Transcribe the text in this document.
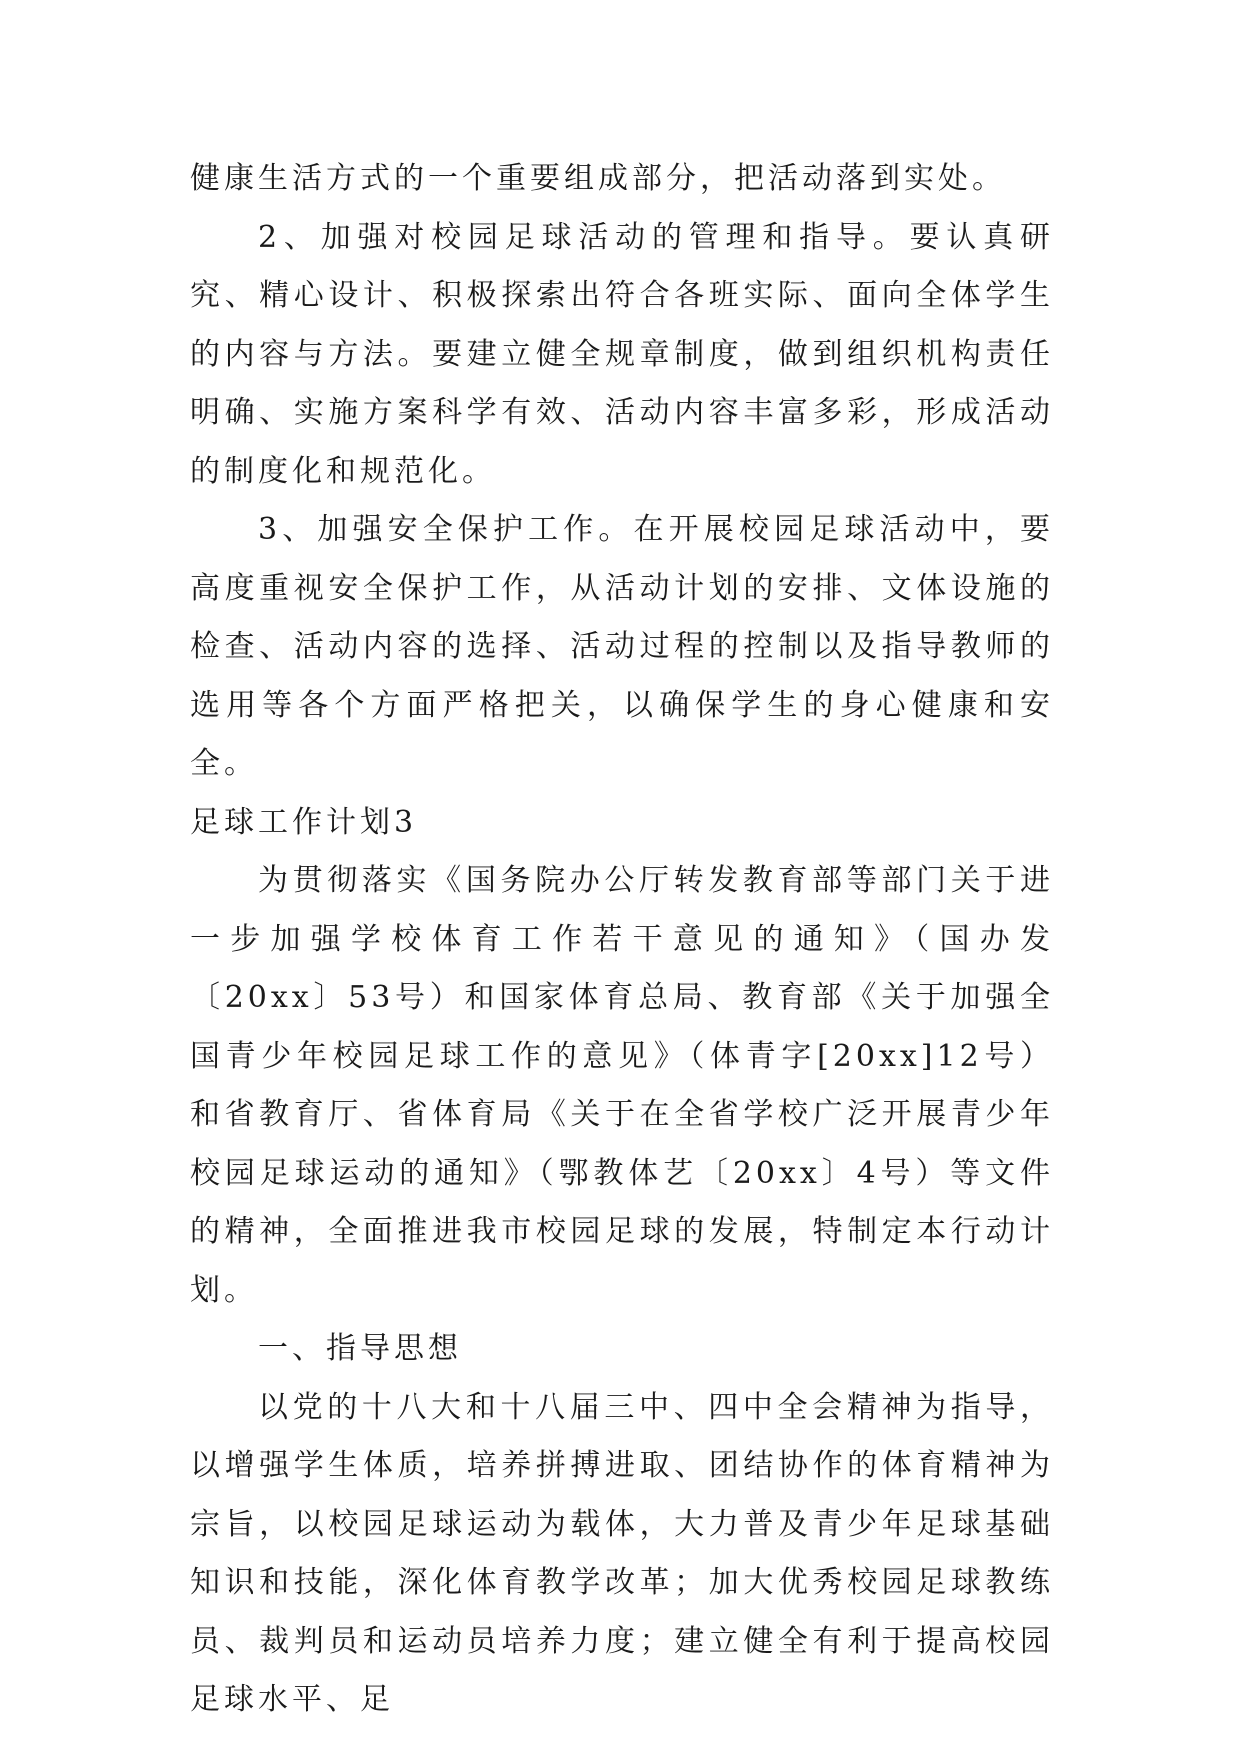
健康生活方式的一个重要组成部分，把活动落到实处。

2、加强对校园足球活动的管理和指导。要认真研究、精心设计、积极探索出符合各班实际、面向全体学生的内容与方法。要建立健全规章制度，做到组织机构责任明确、实施方案科学有效、活动内容丰富多彩，形成活动的制度化和规范化。

3、加强安全保护工作。在开展校园足球活动中，要高度重视安全保护工作，从活动计划的安排、文体设施的检查、活动内容的选择、活动过程的控制以及指导教师的选用等各个方面严格把关，以确保学生的身心健康和安全。

足球工作计划3

为贯彻落实《国务院办公厅转发教育部等部门关于进一步加强学校体育工作若干意见的通知》（国办发〔20xx〕53号）和国家体育总局、教育部《关于加强全国青少年校园足球工作的意见》（体青字[20xx]12号）和省教育厅、省体育局《关于在全省学校广泛开展青少年校园足球运动的通知》（鄂教体艺〔20xx〕4号）等文件的精神，全面推进我市校园足球的发展，特制定本行动计划。

一、指导思想

以党的十八大和十八届三中、四中全会精神为指导，以增强学生体质，培养拼搏进取、团结协作的体育精神为宗旨，以校园足球运动为载体，大力普及青少年足球基础知识和技能，深化体育教学改革；加大优秀校园足球教练员、裁判员和运动员培养力度；建立健全有利于提高校园足球水平、足
